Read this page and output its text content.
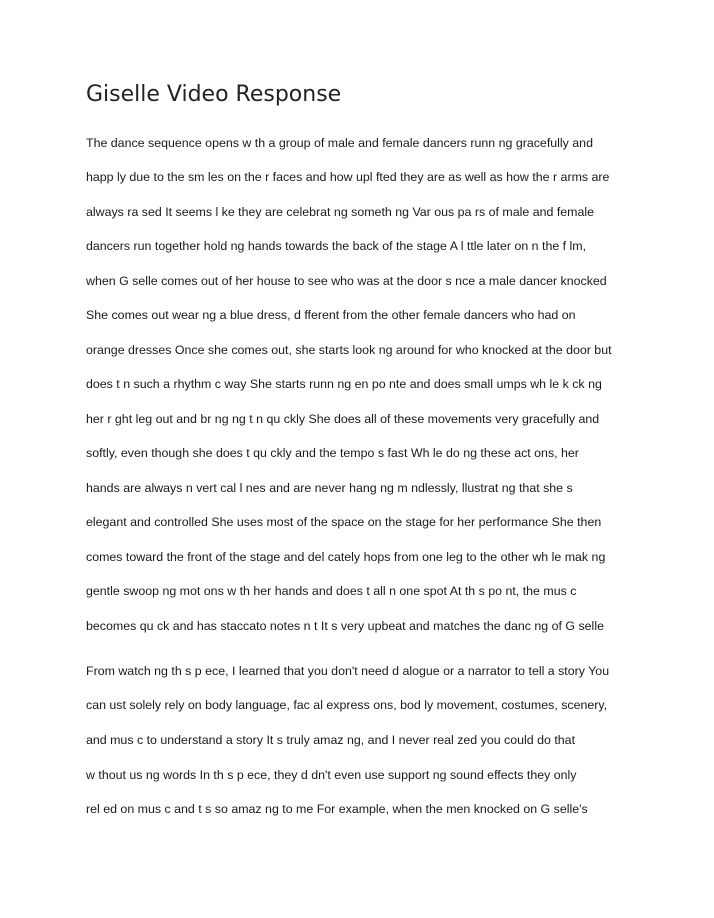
Giselle Video Response

The dance sequence opens w th a group of male and female dancers runn ng gracefully and

happ ly due to the sm les on the r faces and how upl fted they are as well as how the r arms are

always ra sed It seems l ke they are celebrat ng someth ng Var ous pa rs of male and female

dancers run together hold ng hands towards the back of the stage A l ttle later on n the f lm,

when G selle comes out of her house to see who was at the door s nce a male dancer knocked

She comes out wear ng a blue dress, d fferent from the other female dancers who had on

orange dresses Once she comes out, she starts look ng around for who knocked at the door but

does t n such a rhythm c way She starts runn ng en po nte and does small umps wh le k ck ng

her r ght leg out and br ng ng t n qu ckly She does all of these movements very gracefully and

softly, even though she does t qu ckly and the tempo s fast Wh le do ng these act ons, her

hands are always n vert cal l nes and are never hang ng m ndlessly, llustrat ng that she s

elegant and controlled She uses most of the space on the stage for her performance She then

comes toward the front of the stage and del cately hops from one leg to the other wh le mak ng

gentle swoop ng mot ons w th her hands and does t all n one spot At th s po nt, the mus c

becomes qu ck and has staccato notes n t It s very upbeat and matches the danc ng of G selle

From watch ng th s p ece, I learned that you don't need d alogue or a narrator to tell a story You

can ust solely rely on body language, fac al express ons, bod ly movement, costumes, scenery,

and mus c to understand a story It s truly amaz ng, and I never real zed you could do that

w thout us ng words In th s p ece, they d dn't even use support ng sound effects they only

rel ed on mus c and t s so amaz ng to me For example, when the men knocked on G selle's
